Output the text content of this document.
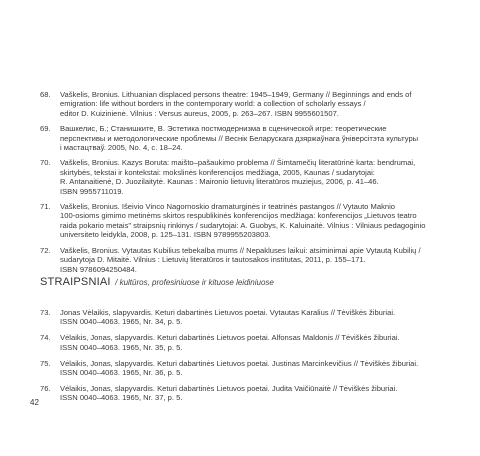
68.	Vaškelis, Bronius. Lithuanian displaced persons theatre: 1945–1949, Germany // Beginnings and ends of
emigration: life without borders in the contemporary world: a collection of scholarly essays /
editor D. Kuizinienė. Vilnius : Versus aureus, 2005, p. 263–267. ISBN 9955601507.
69.	Вашкелис, Б.; Станишките, В. Эстетика постмодернизма в сценической игре: теоретические
перспективы и методологические проблемы // Веснік Беларускага дзяржаўнага ўніверсітэта культуры
і мастацтваў. 2005, No. 4, c. 18–24.
70.	Vaškelis, Bronius. Kazys Boruta: maišto–pašaukimo problema // Šimtamečių literatūrinė karta: bendrumai,
skirtybės, tekstai ir kontekstai: mokslinės konferencijos medžiaga, 2005, Kaunas / sudarytojai:
R. Antanaitienė, D. Juozilaitytė. Kaunas : Maironio lietuvių literatūros muziejus, 2006, p. 41–46.
ISBN 9955711019.
71.	Vaškelis, Bronius. Išeivio Vinco Nagornoskio dramaturginės ir teatrinės pastangos // Vytauto Maknio
100-osioms gimimo metinėms skirtos respublikinės konferencijos medžiaga: konferencijos „Lietuvos teatro
raida pokario metais" straipsnių rinkinys / sudarytojai: A. Guobys, K. Kaluinaitė. Vilnius : Vilniaus pedagoginio
universiteto leidykla, 2008, p. 125–131. ISBN 9789955203803.
72.	Vaškelis, Bronius. Vytautas Kubilius tebekalba mums // Nepakluses laikui: atsiminimai apie Vytautą Kubilių /
sudarytoja D. Mitaitė. Vilnius : Lietuvių literatūros ir tautosakos institutas, 2011, p. 155–171.
ISBN 9786094250484.
STRAIPSNIAI / kultūros, profesiniuose ir kituose leidiniuose
73.	Jonas Vėlaikis, slapyvardis. Keturi dabartinės Lietuvos poetai. Vytautas Karalius // Tėviškės žiburiai.
ISSN 0040–4063. 1965, Nr. 34, p. 5.
74.	Vėlaikis, Jonas, slapyvardis. Keturi dabartinės Lietuvos poetai. Alfonsas Maldonis // Tėviškės žiburiai.
ISSN 0040–4063. 1965, Nr. 35, p. 5.
75.	Vėlaikis, Jonas, slapyvardis. Keturi dabartinės Lietuvos poetai. Justinas Marcinkevičius // Tėviškės žiburiai.
ISSN 0040–4063. 1965, Nr. 36, p. 5.
76.	Vėlaikis, Jonas, slapyvardis. Keturi dabartinės Lietuvos poetai. Judita Vaičiūnaitė // Tėviškės žiburiai.
ISSN 0040–4063. 1965, Nr. 37, p. 5.
42
